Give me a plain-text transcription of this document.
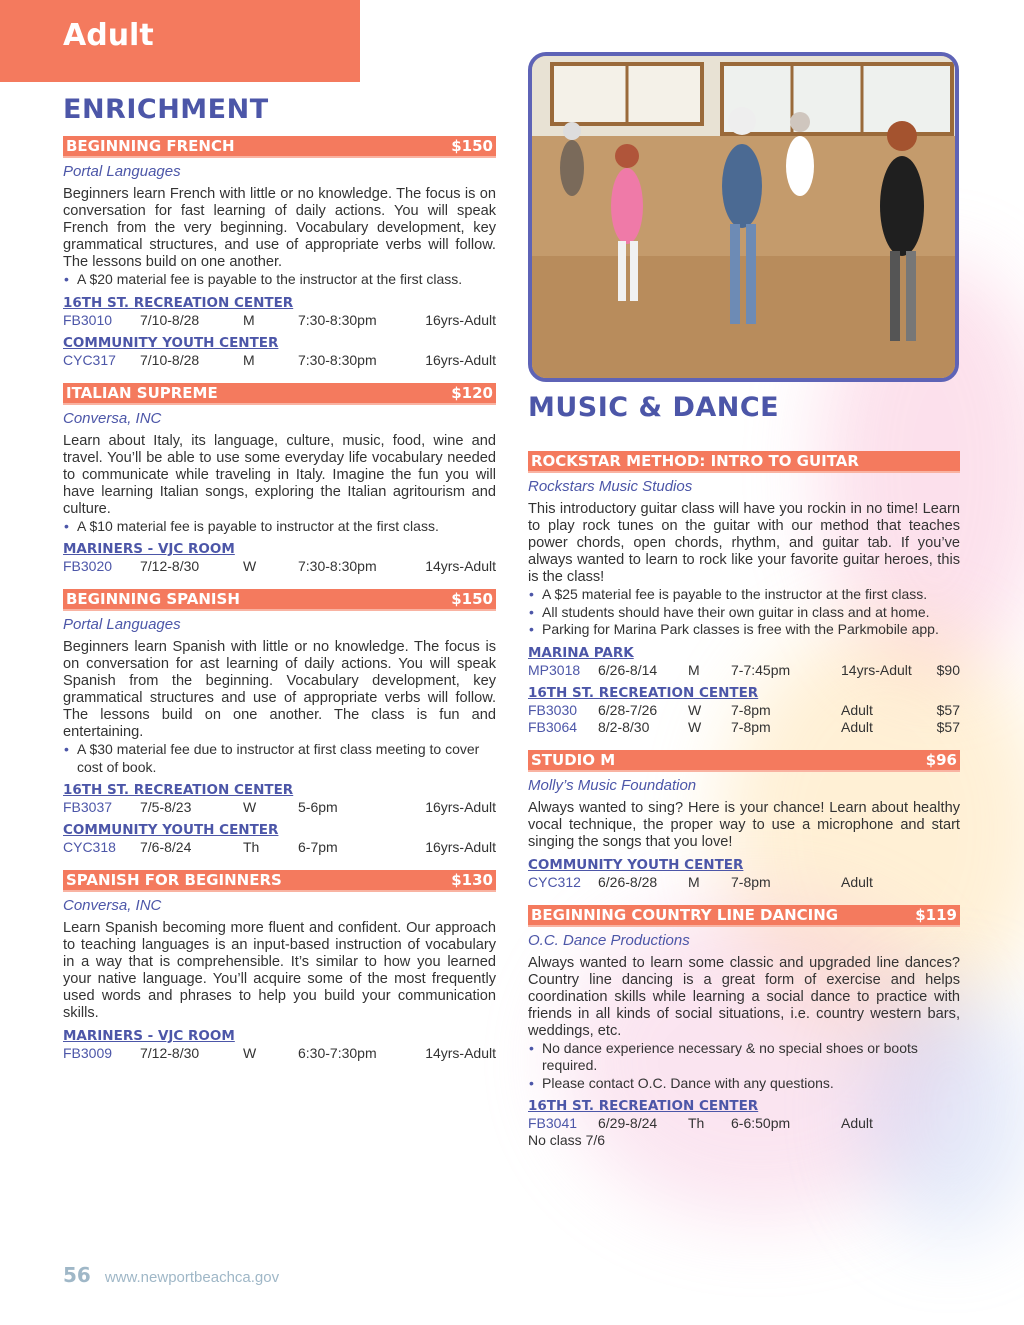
Adult
ENRICHMENT
BEGINNING FRENCH	$150
Portal Languages
Beginners learn French with little or no knowledge. The focus is on conversation for fast learning of daily actions. You will speak French from the very beginning. Vocabulary development, key grammatical structures, and use of appropriate verbs will follow. The lessons build on one another.
• A $20 material fee is payable to the instructor at the first class.
16TH ST. RECREATION CENTER
FB3010	7/10-8/28	M	7:30-8:30pm	16yrs-Adult
COMMUNITY YOUTH CENTER
CYC317	7/10-8/28	M	7:30-8:30pm	16yrs-Adult
ITALIAN SUPREME	$120
Conversa, INC
Learn about Italy, its language, culture, music, food, wine and travel. You’ll be able to use some everyday life vocabulary needed to communicate while traveling in Italy. Imagine the fun you will have learning Italian songs, exploring the Italian agritourism and culture.
• A $10 material fee is payable to instructor at the first class.
MARINERS - VJC ROOM
FB3020	7/12-8/30	W	7:30-8:30pm	14yrs-Adult
BEGINNING SPANISH	$150
Portal Languages
Beginners learn Spanish with little or no knowledge. The focus is on conversation for ast learning of daily actions. You will speak Spanish from the beginning. Vocabulary development, key grammatical structures and use of appropriate verbs will follow. The lessons build on one another. The class is fun and entertaining.
• A $30 material fee due to instructor at first class meeting to cover cost of book.
16TH ST. RECREATION CENTER
FB3037	7/5-8/23	W	5-6pm	16yrs-Adult
COMMUNITY YOUTH CENTER
CYC318	7/6-8/24	Th	6-7pm	16yrs-Adult
SPANISH FOR BEGINNERS	$130
Conversa, INC
Learn Spanish becoming more fluent and confident. Our approach to teaching languages is an input-based instruction of vocabulary in a way that is comprehensible. It’s similar to how you learned your native language. You’ll acquire some of the most frequently used words and phrases to help you build your communication skills.
MARINERS - VJC ROOM
FB3009	7/12-8/30	W	6:30-7:30pm	14yrs-Adult
MUSIC & DANCE
ROCKSTAR METHOD: INTRO TO GUITAR
Rockstars Music Studios
This introductory guitar class will have you rockin in no time! Learn to play rock tunes on the guitar with our method that teaches power chords, open chords, rhythm, and guitar tab. If you’ve always wanted to learn to rock like your favorite guitar heroes, this is the class!
• A $25 material fee is payable to the instructor at the first class.
• All students should have their own guitar in class and at home.
• Parking for Marina Park classes is free with the Parkmobile app.
MARINA PARK
MP3018	6/26-8/14	M	7-7:45pm	14yrs-Adult	$90
16TH ST. RECREATION CENTER
FB3030	6/28-7/26	W	7-8pm	Adult	$57
FB3064	8/2-8/30	W	7-8pm	Adult	$57
STUDIO M	$96
Molly’s Music Foundation
Always wanted to sing? Here is your chance! Learn about healthy vocal technique, the proper way to use a microphone and start singing the songs that you love!
COMMUNITY YOUTH CENTER
CYC312	6/26-8/28	M	7-8pm	Adult
BEGINNING COUNTRY LINE DANCING	$119
O.C. Dance Productions
Always wanted to learn some classic and upgraded line dances? Country line dancing is a great form of exercise and helps coordination skills while learning a social dance to practice with friends in all kinds of social situations, i.e. country western bars, weddings, etc.
• No dance experience necessary & no special shoes or boots required.
• Please contact O.C. Dance with any questions.
16TH ST. RECREATION CENTER
FB3041	6/29-8/24	Th	6-6:50pm	Adult
No class 7/6
56 www.newportbeachca.gov
